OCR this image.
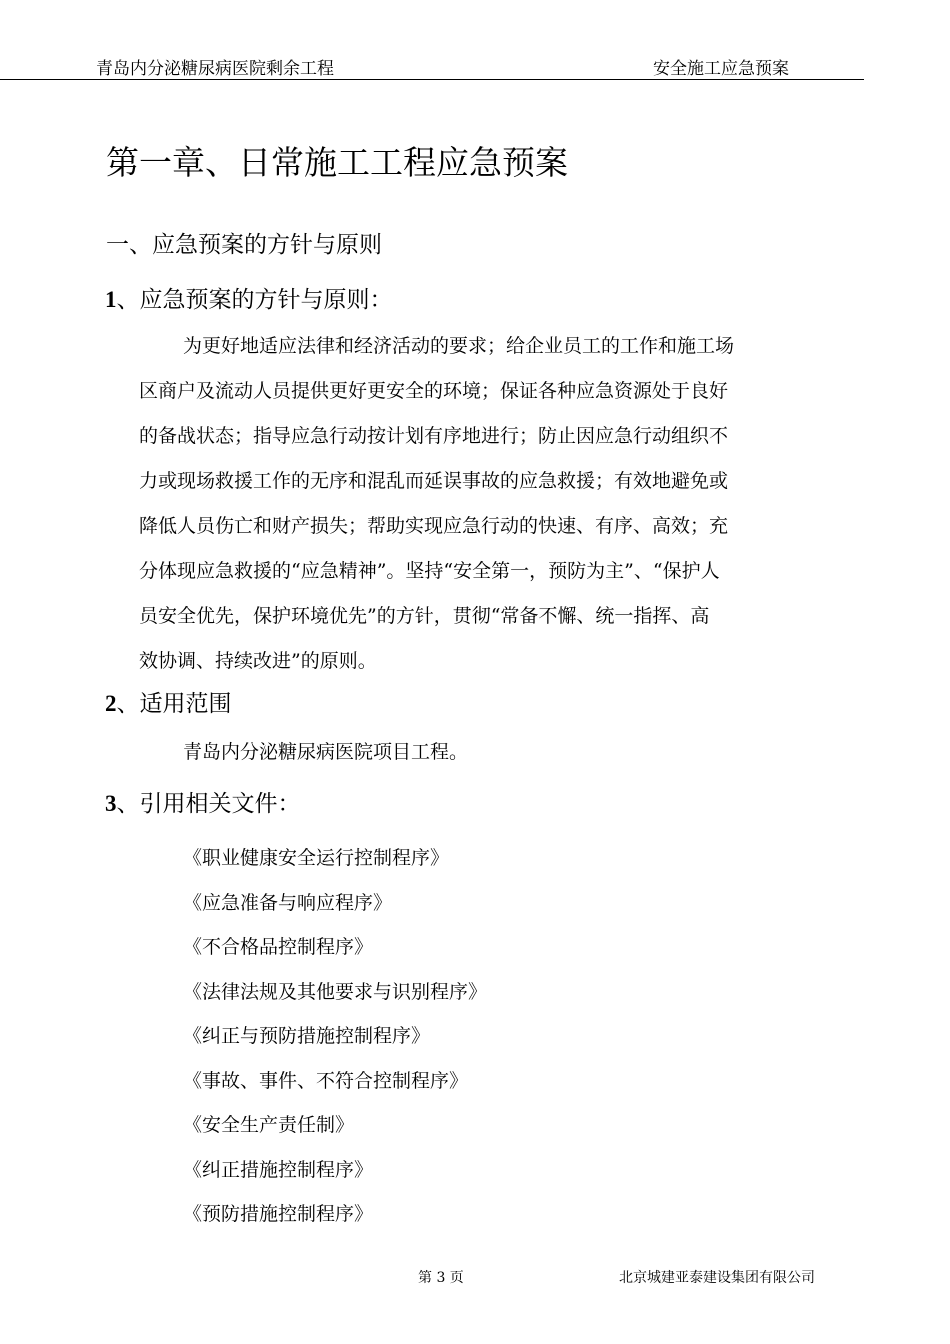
青岛内分泌糖尿病医院剩余工程	安全施工应急预案
第一章、日常施工工程应急预案
一、应急预案的方针与原则
1、应急预案的方针与原则：
为更好地适应法律和经济活动的要求；给企业员工的工作和施工场
区商户及流动人员提供更好更安全的环境；保证各种应急资源处于良好
的备战状态；指导应急行动按计划有序地进行；防止因应急行动组织不
力或现场救援工作的无序和混乱而延误事故的应急救援；有效地避免或
降低人员伤亡和财产损失；帮助实现应急行动的快速、有序、高效；充
分体现应急救援的“应急精神”。坚持“安全第一，预防为主”、“保护人
员安全优先，保护环境优先”的方针，贯彻“常备不懈、统一指挥、高
效协调、持续改进”的原则。
2、适用范围
青岛内分泌糖尿病医院项目工程。
3、引用相关文件：
《职业健康安全运行控制程序》
《应急准备与响应程序》
《不合格品控制程序》
《法律法规及其他要求与识别程序》
《纠正与预防措施控制程序》
《事故、事件、不符合控制程序》
《安全生产责任制》
《纠正措施控制程序》
《预防措施控制程序》
第 3 页	北京城建亚泰建设集团有限公司
